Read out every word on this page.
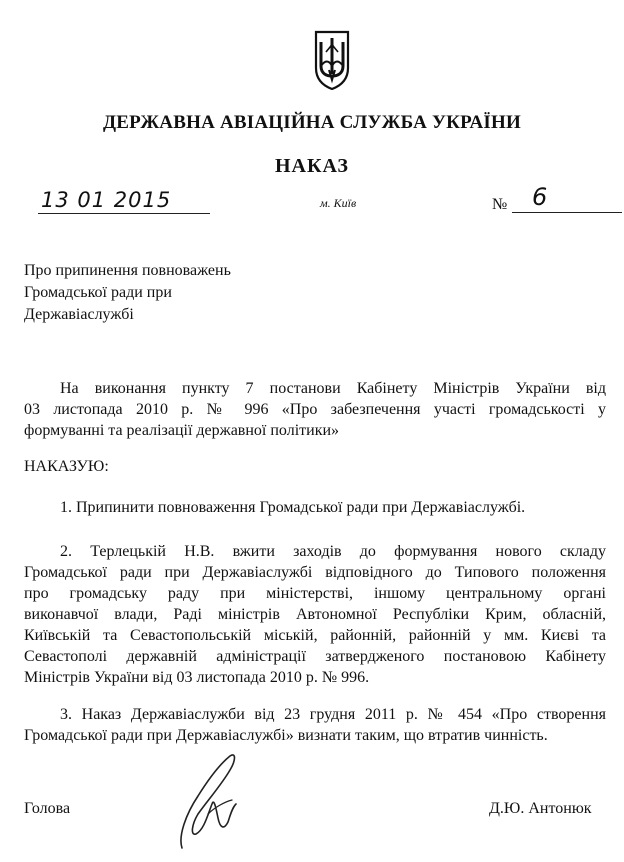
ДЕРЖАВНА АВІАЦІЙНА СЛУЖБА УКРАЇНИ
НАКАЗ
13 01 2015	м. Київ	№ 6
Про припинення повноважень
Громадської ради при
Держaвіаслужбі
На виконання пункту 7 постанови Кабінету Міністрів України від
03 листопада 2010 р. № 996 «Про забезпечення участі громадськості у
формуванні та реалізації державної політики»
НАКАЗУЮ:
1. Припинити повноваження Громадської ради при Державіаслужбі.
2. Терлецькій Н.В. вжити заходів до формування нового складу
Громадської ради при Державіаслужбі відповідного до Типового положення
про громадську раду при міністерстві, іншому центральному органі
виконавчої влади, Раді міністрів Автономної Республіки Крим, обласній,
Київській та Севастопольській міській, районній, районній у мм. Києві та
Севастополі державній адміністрації затвердженого постановою Кабінету
Міністрів України від 03 листопада 2010 р. № 996.
3. Наказ Державіаслужби від 23 грудня 2011 р. № 454 «Про створення
Громадської ради при Державіаслужбі» визнати таким, що втратив чинність.
Голова	Д.Ю. Антонюк
